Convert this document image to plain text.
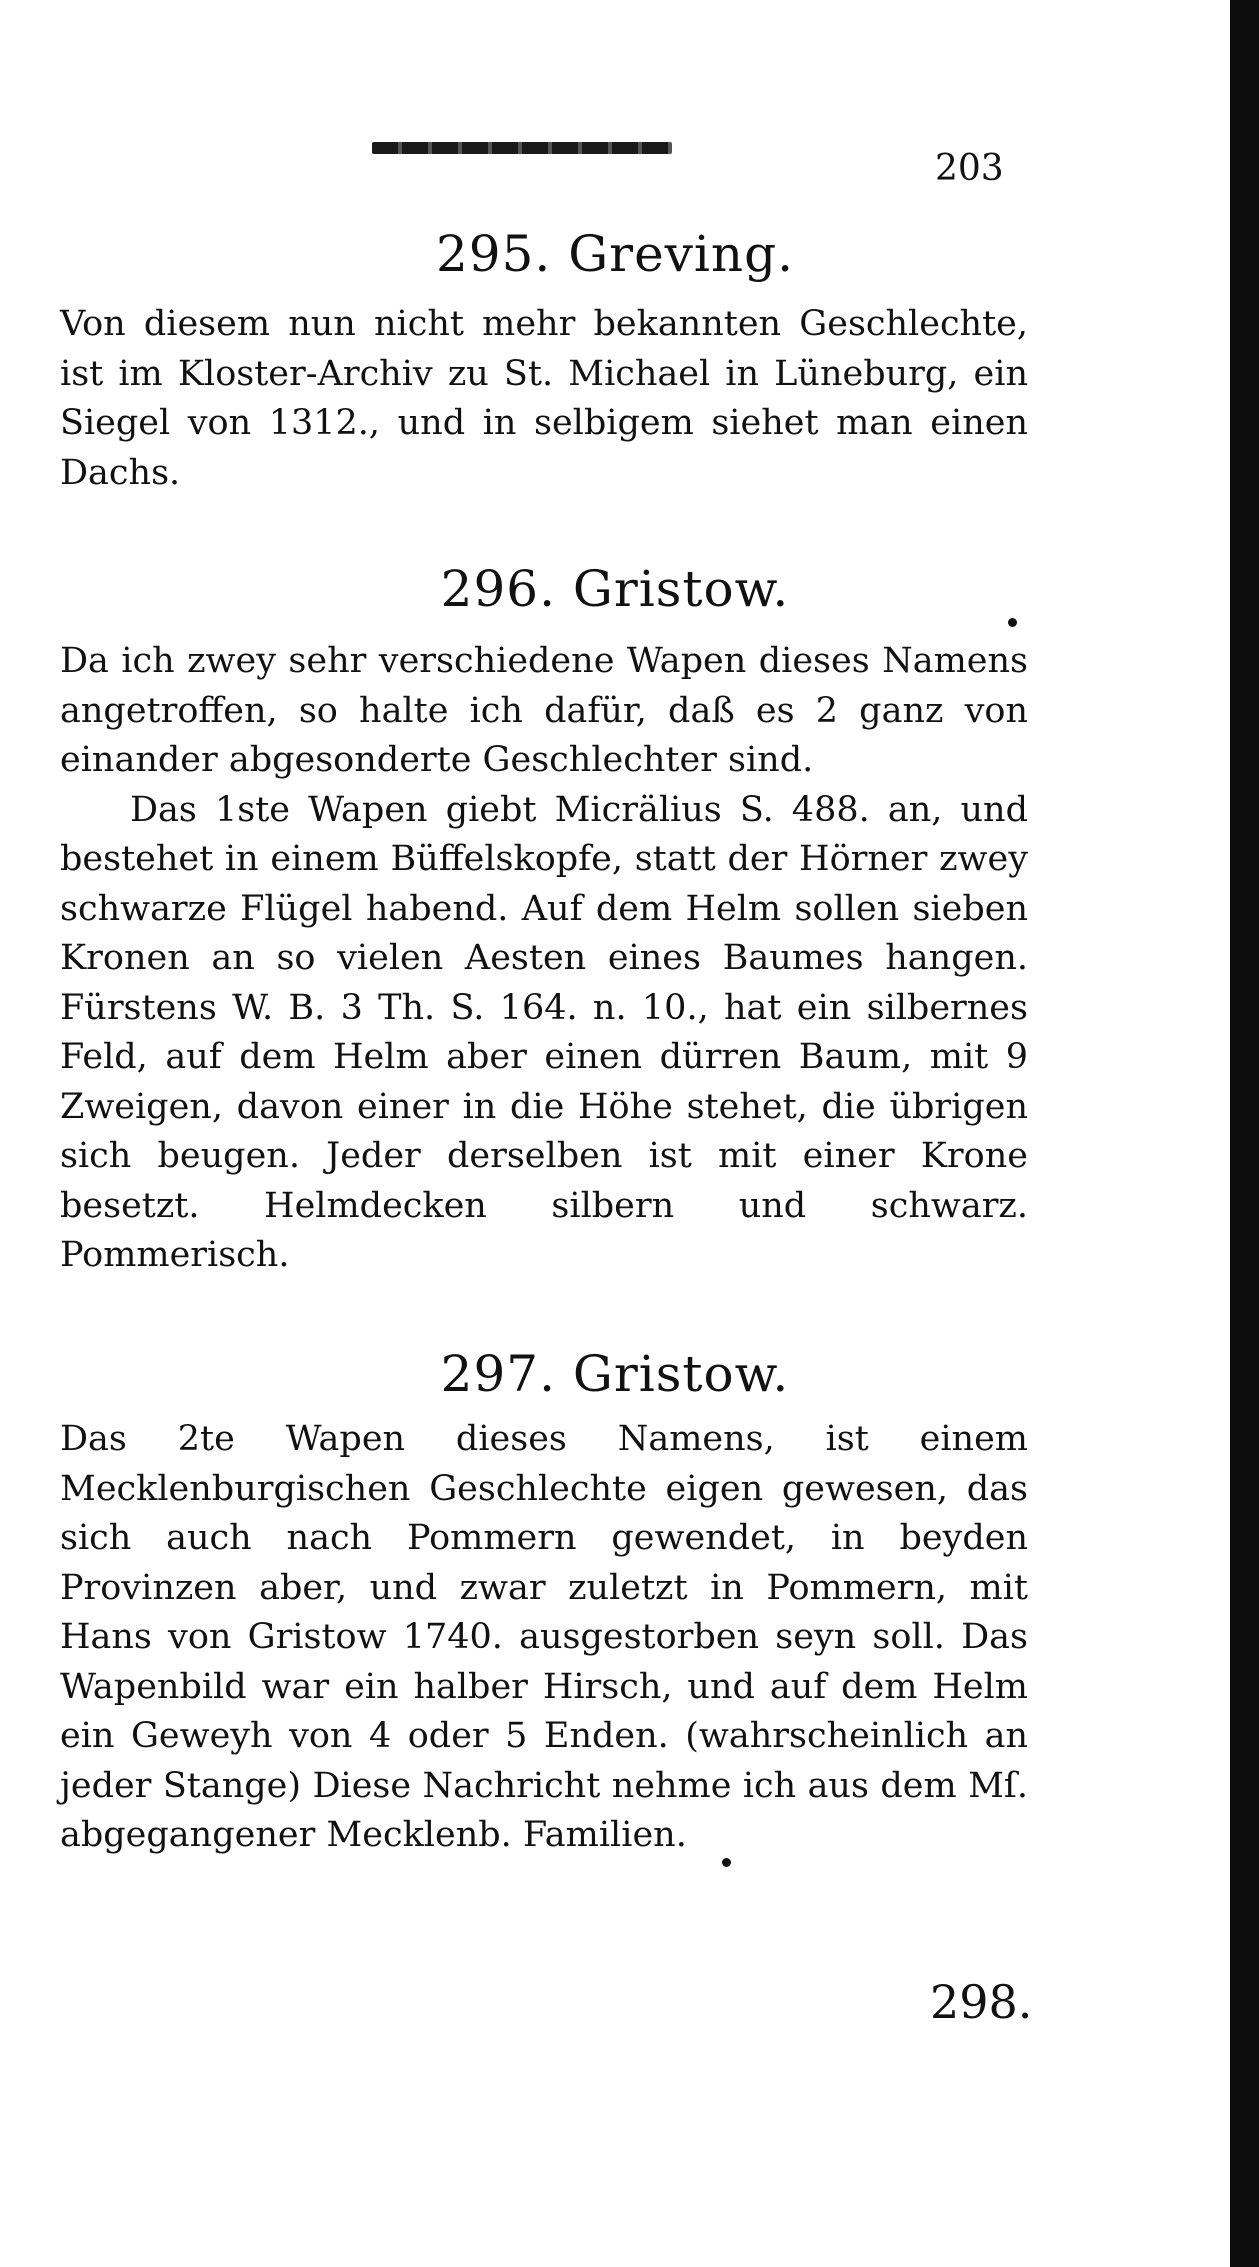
203
295. Greving.

Von diesem nun nicht mehr bekannten Geschlechte, ist im Kloster-Archiv zu St. Michael in Lüneburg, ein Siegel von 1312., und in selbigem siehet man einen Dachs.

296. Gristow.

Da ich zwey sehr verschiedene Wapen dieses Namens angetroffen, so halte ich dafür, daß es 2 ganz von einander abgesonderte Geschlechter sind.

Das 1ste Wapen giebt Micrälius S. 488. an, und bestehet in einem Büffelskopfe, statt der Hörner zwey schwarze Flügel habend. Auf dem Helm sollen sieben Kronen an so vielen Aesten eines Baumes hangen. Fürstens W. B. 3 Th. S. 164. n. 10., hat ein silbernes Feld, auf dem Helm aber einen dürren Baum, mit 9 Zweigen, davon einer in die Höhe stehet, die übrigen sich beugen. Jeder derselben ist mit einer Krone besetzt. Helmdecken silbern und schwarz. Pommerisch.

297. Gristow.

Das 2te Wapen dieses Namens, ist einem Mecklenburgischen Geschlechte eigen gewesen, das sich auch nach Pommern gewendet, in beyden Provinzen aber, und zwar zuletzt in Pommern, mit Hans von Gristow 1740. ausgestorben seyn soll. Das Wapenbild war ein halber Hirsch, und auf dem Helm ein Geweyh von 4 oder 5 Enden. (wahrscheinlich an jeder Stange) Diese Nachricht nehme ich aus dem Mſ. abgegangener Mecklenb. Familien.

298.
